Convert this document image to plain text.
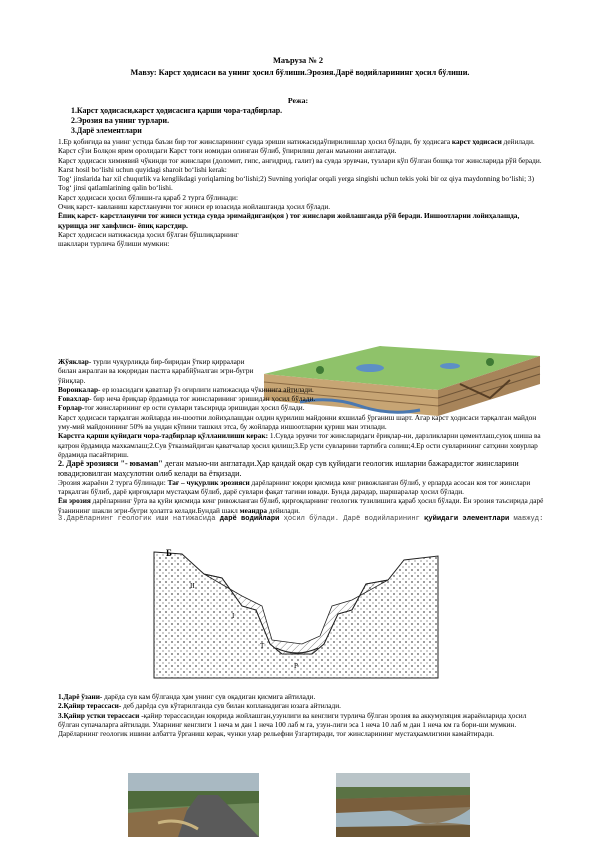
Маъруза № 2
Мавзу: Карст ҳодисаси ва унинг ҳосил бўлиши.Эрозия.Дарё водийларининг ҳосил бўлиши.
Режа:
1.Карст ҳодисаси,карст ҳодисасига қарши чора-тадбирлар.
2.Эрозия ва унинг турлари.
3.Дарё элементлари

1.Ер қобиғида ва унинг устида баъзи бир тоғ жинсларининг сувда эриши натижасидаўпирилишлар ҳосил бўлади, бу ҳодисага карст ҳодисаси дейилади.

Карст сўзи Болқон ярим оролидаги Карст тоғи номидан олинган бўлиб, ўпирилиш деган маънони англатади.

Карст ҳодисаси химиявий чўкинди тоғ жинслари (доломит, гипс, ангидрид, галит) ва сувда эрувчан, тузлари кўп бўлган бошқа тоғ жинсларида рўй беради.

Karst hosil bo‘lishi uchun quyidagi sharoit bo‘lishi kerak:

Tog‘ jinslarida har xil chuqurlik va kenglikdagi yoriqlarning bo‘lishi;2) Suvning yoriqlar orqali yerga singishi uchun tekis yoki bir oz qiya maydonning bo‘lishi; 3) Tog‘ jinsi qatlamlarining qalin bo‘lishi.

Карст ҳодисаси ҳосил бўлиши-га қараб 2 турга бўлинади:

Очиқ карст- кавланиш карстланувчи тоғ жинси ер юзасида жойлашганда ҳосил бўлади.

Ёпиқ карст- карстланувчи тоғ жинси устида сувда эримайдиган(қоя ) тоғ жинслари жойлашганда рўй беради. Иншоотларни лойиҳалашда, қурищда энг хавфлиси- ёпиқ карстдир.

Карст ҳодисаси натижасида ҳосил бўлган бўшлиқларнинг шакллари турлича бўлиши мумкин:

Жўяклар- турли чуқурликда бир-биридан ўткир қирралари билан ажралган ва юқоридан пастга қарабйўналган эгри-бугри ўйиқлар.

Воронкалар- ер юзасидаги қаватлар ўз оғирлиги натижасида чўкишига айтилади.

Ғовахлар- бир неча ёриқлар ёрдамида тоғ жинсларининг эришидан ҳосил бўлади.

Ғорлар-тоғ жинсларининг ер ости сувлари таъсирида эришидан ҳосил бўлади.

Карст ҳодисаси тарқалган жойларда ин-шоотни лойиҳалашдан олдин қурилиш майдонни яхшилаб ўрганиш шарт. Агар карст ҳодисаси тарқалган майдон уму-мий майдонининг 50% ва ундан кўпини ташкил этса, бу жойларда иншоотларни қуриш ман этилади.

Карстга қарши қуйидаги чора-тадбирлар қўлланилиши керак: 1.Сувда эрувчи тоғ жинсларидаги ёриқлар-ни, дарзликларни цементлаш,суюқ шиша ва қатрон ёрдамида махкамлаш;2.Сув ўтказмайдиган қаватчалар ҳосил қилиш;3.Ер усти сувларини тартибга солиш;4.Ер ости сувларининг сатҳини ховурлар ёрдамида пасайтириш.

2. Дарё эрозияси "- ювамаn" деган маъно-ни англатади.Ҳар қандай оқар сув қуйидаги геологик ишларни бажаради:тоғ жинсларини ювади;ювилган маҳсулотни олиб келади ва ётқизади.

Эрозия жараёни 2 турга бўлинади: Тағ – чуқурлик эрозияси дарёларнинг юқори қисмида кенг ривожланган бўлиб, у ерларда асосан коя тоғ жинслари тарқалган бўлиб, дарё қирғоқлари мустаҳкам бўлиб, дарё сувлари фақат тагини ювади. Бунда дарадар, шаршаралар ҳосил бўлади.

Ён эрозия дарёларнинг ўрта ва қуйи қисмида кенг ривожланган бўлиб, қирғоқларнинг геологик тузилишига қараб ҳосил бўлади. Ён эрозия таъсирида дарё ўзанининг шакли эгри-бугри ҳолатга келади.Бундай шакл меандра дейилади.

3.Дарёларнинг геологик иши натижасида дарё водийлари ҳосил бўлади. Дарё водийларининг қуйидаги элементлари мавжуд:

Б
II
I
Т
Р

1.Дарё ўзани- дарёда сув кам бўлганда ҳам унинг сув оқадиган қисмига айтилади.

2.Қайир терассаси- деб дарёда сув кўтарилганда сув билан копланадиган юзага айтилади.

3.Қайир устки терассаси -қайир терассасидан юқорида жойлашган,узунлиги ва кенглиги турлича бўлган эрозия ва аккумуляция жараёнларида ҳосил бўлган супачаларга айтилади. Уларнинг кенглиги 1 неча м дан 1 неча 100 лаб м га, узун-лиги эса 1 неча 10 лаб м дан 1 неча км га бори-ши мумкин.

Дарёларнинг геологик ишини албатта ўрганиш керак, чунки улар рельефни ўзгартиради, тоғ жинсларининг мустаҳкамлигини камайтиради.
